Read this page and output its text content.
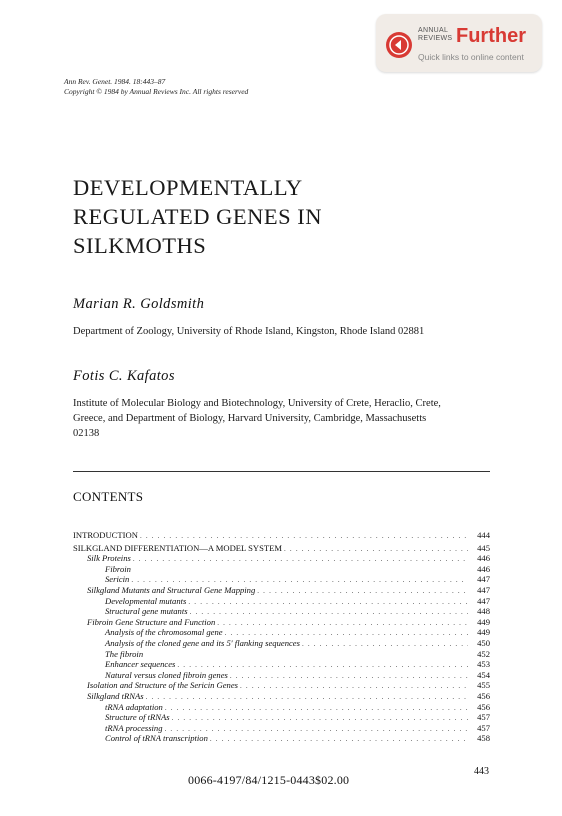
ANNUAL
REVIEWS Further
Quick links to online content
Ann Rev. Genet. 1984. 18:443–87
Copyright © 1984 by Annual Reviews Inc. All rights reserved
DEVELOPMENTALLY
REGULATED GENES IN
SILKMOTHS
Marian R. Goldsmith
Department of Zoology, University of Rhode Island, Kingston, Rhode Island 02881
Fotis C. Kafatos
Institute of Molecular Biology and Biotechnology, University of Crete, Heraclio, Crete,
Greece, and Department of Biology, Harvard University, Cambridge, Massachusetts
02138
CONTENTS
INTRODUCTION . . .	444
SILKGLAND DIFFERENTIATION—A MODEL SYSTEM . . .	445
Silk Proteins . . .	446
Fibroin	446
Sericin . . .	447
Silkgland Mutants and Structural Gene Mapping . . .	447
Developmental mutants . . .	447
Structural gene mutants . . .	448
Fibroin Gene Structure and Function . . .	449
Analysis of the chromosomal gene . . .	449
Analysis of the cloned gene and its 5′ flanking sequences . . .	450
The fibroin	452
Enhancer sequences . . .	453
Natural versus cloned fibroin genes . . .	454
Isolation and Structure of the Sericin Genes . . .	455
Silkgland tRNAs . . .	456
tRNA adaptation . . .	456
Structure of tRNAs . . .	457
tRNA processing . . .	457
Control of tRNA transcription . . .	458
443
0066-4197/84/1215-0443$02.00
